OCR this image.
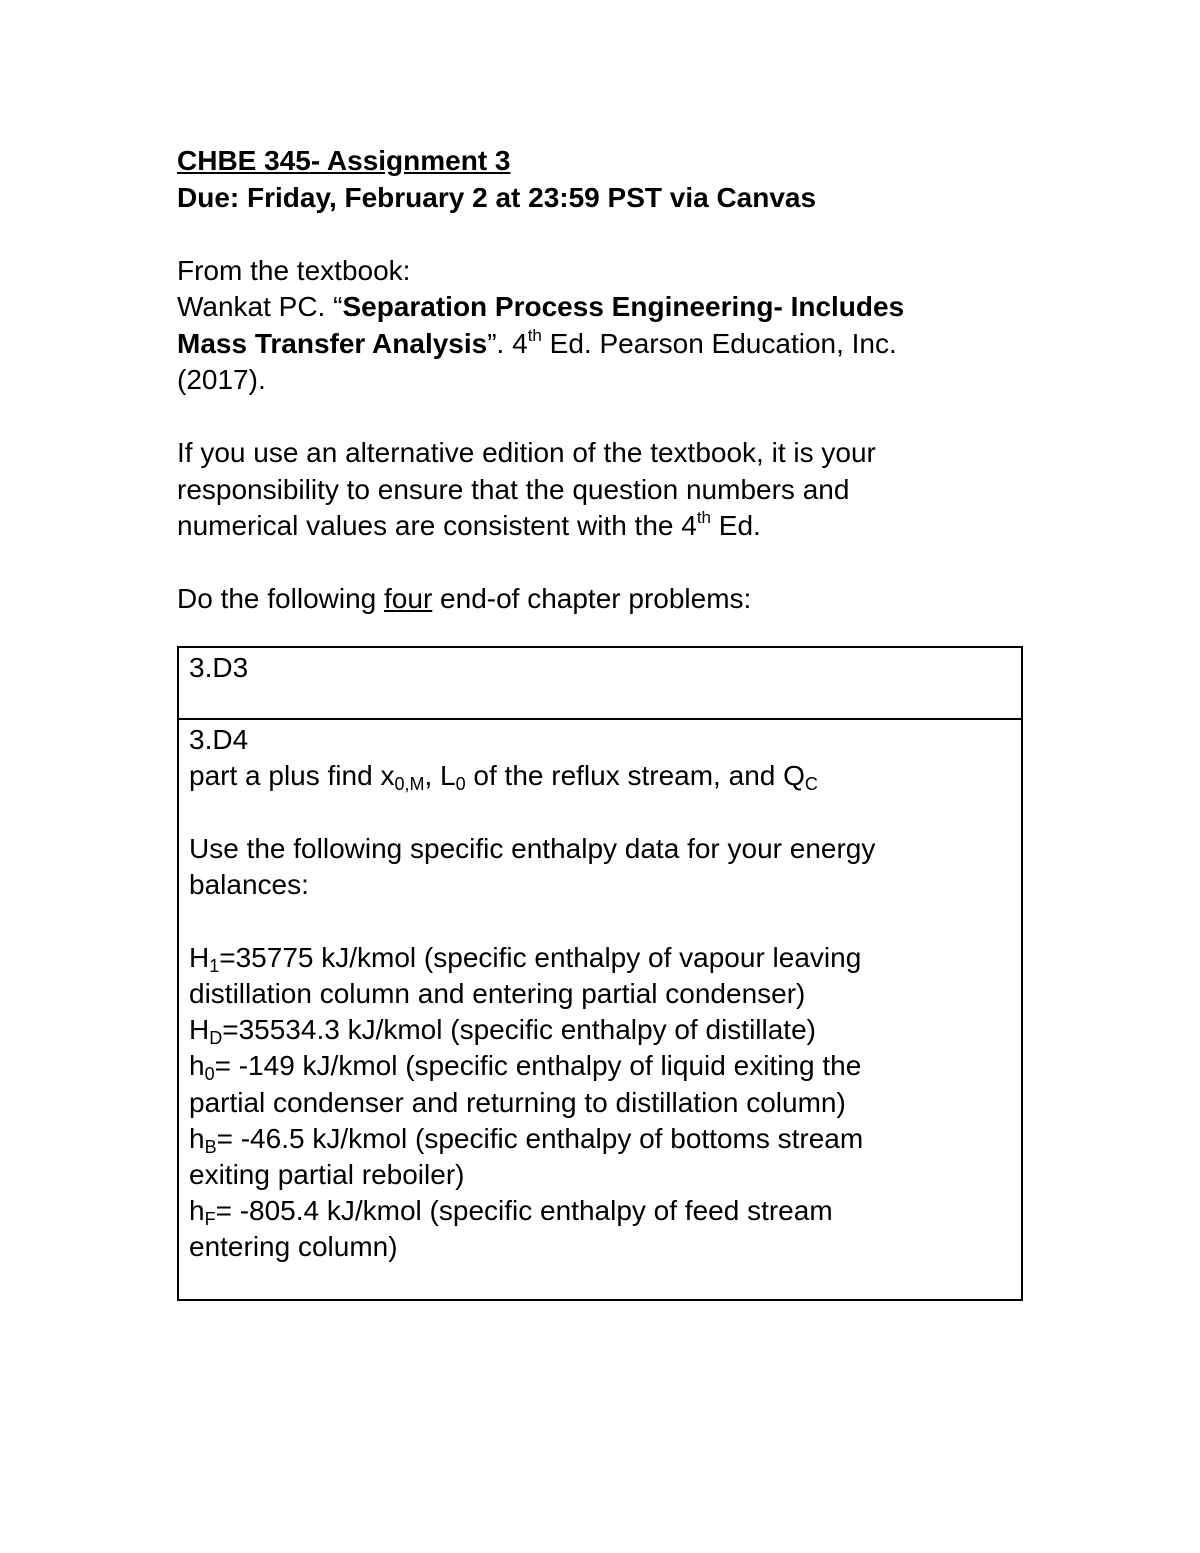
CHBE 345- Assignment 3

Due: Friday, February 2 at 23:59 PST via Canvas

From the textbook:

Wankat PC. “Separation Process Engineering- Includes

Mass Transfer Analysis”. 4th Ed. Pearson Education, Inc.

(2017).

If you use an alternative edition of the textbook, it is your

responsibility to ensure that the question numbers and

numerical values are consistent with the 4th Ed.

Do the following four end-of chapter problems:

3.D3

3.D4
part a plus find x0,M, L0 of the reflux stream, and QC
Use the following specific enthalpy data for your energy
balances:
H1=35775 kJ/kmol (specific enthalpy of vapour leaving
distillation column and entering partial condenser)
HD=35534.3 kJ/kmol (specific enthalpy of distillate)
h0= -149 kJ/kmol (specific enthalpy of liquid exiting the
partial condenser and returning to distillation column)
hB= -46.5 kJ/kmol (specific enthalpy of bottoms stream
exiting partial reboiler)
hF= -805.4 kJ/kmol (specific enthalpy of feed stream
entering column)
